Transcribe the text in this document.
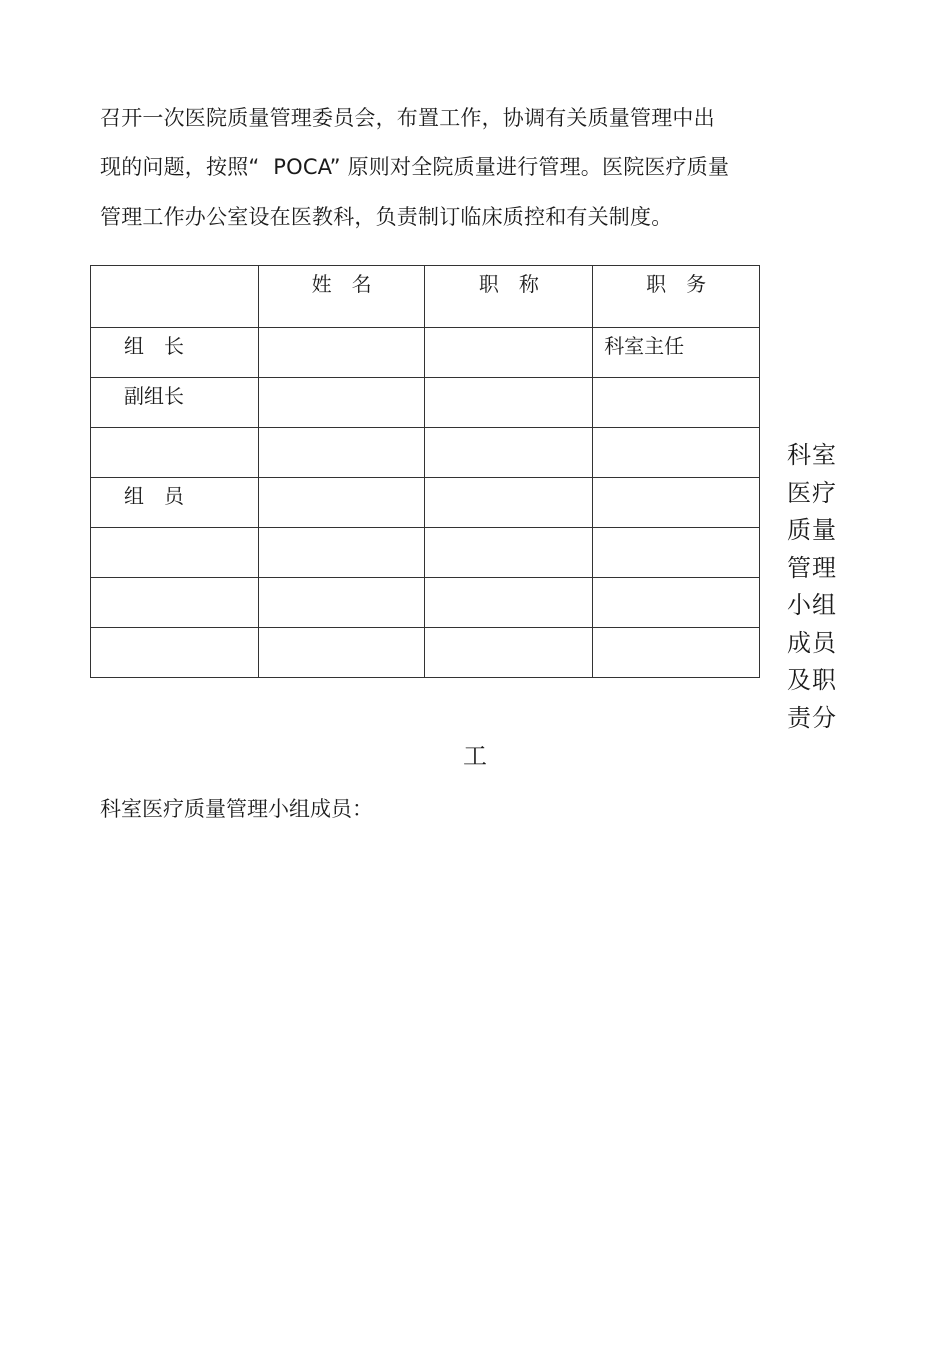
召开一次医院质量管理委员会，布置工作，协调有关质量管理中出
现的问题，按照“  POCA” 原则对全院质量进行管理。医院医疗质量
管理工作办公室设在医教科，负责制订临床质控和有关制度。

	姓　名	职　称	职　务

组　长			科室主任

副组长			

组　员			

科室医疗质量管理小组成员及职责分
工
科室医疗质量管理小组成员：
